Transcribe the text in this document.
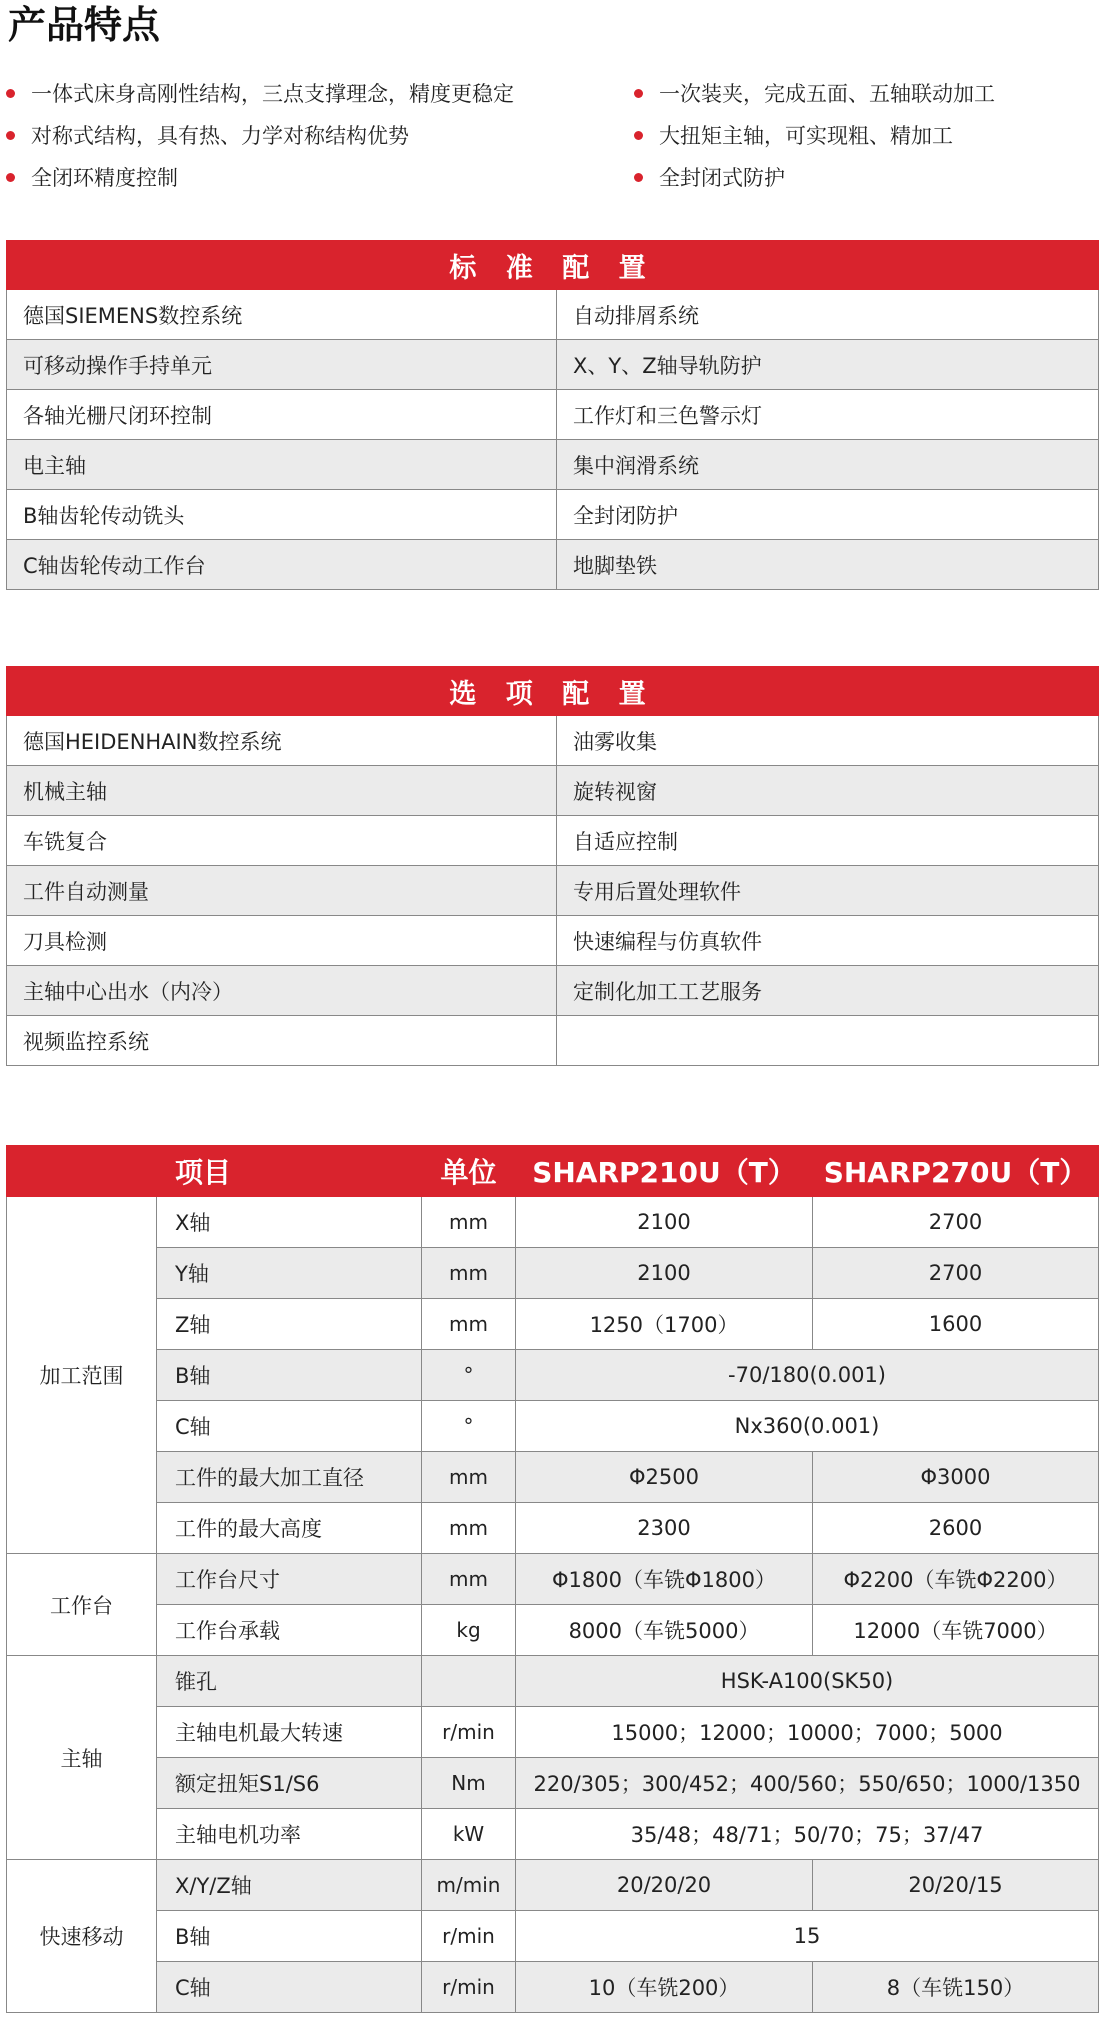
产品特点
一体式床身高刚性结构，三点支撑理念，精度更稳定
对称式结构，具有热、力学对称结构优势
全闭环精度控制
一次装夹，完成五面、五轴联动加工
大扭矩主轴，可实现粗、精加工
全封闭式防护
标 准 配 置	
德国SIEMENS数控系统	自动排屑系统
可移动操作手持单元	X、Y、Z轴导轨防护
各轴光栅尺闭环控制	工作灯和三色警示灯
电主轴	集中润滑系统
B轴齿轮传动铣头	全封闭防护
C轴齿轮传动工作台	地脚垫铁
选 项 配 置	
德国HEIDENHAIN数控系统	油雾收集
机械主轴	旋转视窗
车铣复合	自适应控制
工件自动测量	专用后置处理软件
刀具检测	快速编程与仿真软件
主轴中心出水（内冷）	定制化加工工艺服务
视频监控系统	
项目		单位	SHARP210U（T）	SHARP270U（T）
加工范围	X轴	mm	2100	2700
	Y轴	mm	2100	2700
	Z轴	mm	1250（1700）	1600
	B轴	°	-70/180(0.001)	
	C轴	°	Nx360(0.001)	
	工件的最大加工直径	mm	Φ2500	Φ3000
	工件的最大高度	mm	2300	2600
工作台	工作台尺寸	mm	Φ1800（车铣Φ1800）	Φ2200（车铣Φ2200）
	工作台承载	kg	8000（车铣5000）	12000（车铣7000）
主轴	锥孔		HSK-A100(SK50)	
	主轴电机最大转速	r/min	15000；12000；10000；7000；5000	
	额定扭矩S1/S6	Nm	220/305；300/452；400/560；550/650；1000/1350	
	主轴电机功率	kW	35/48；48/71；50/70；75；37/47	
快速移动	X/Y/Z轴	m/min	20/20/20	20/20/15
	B轴	r/min	15	
	C轴	r/min	10（车铣200）	8（车铣150）
